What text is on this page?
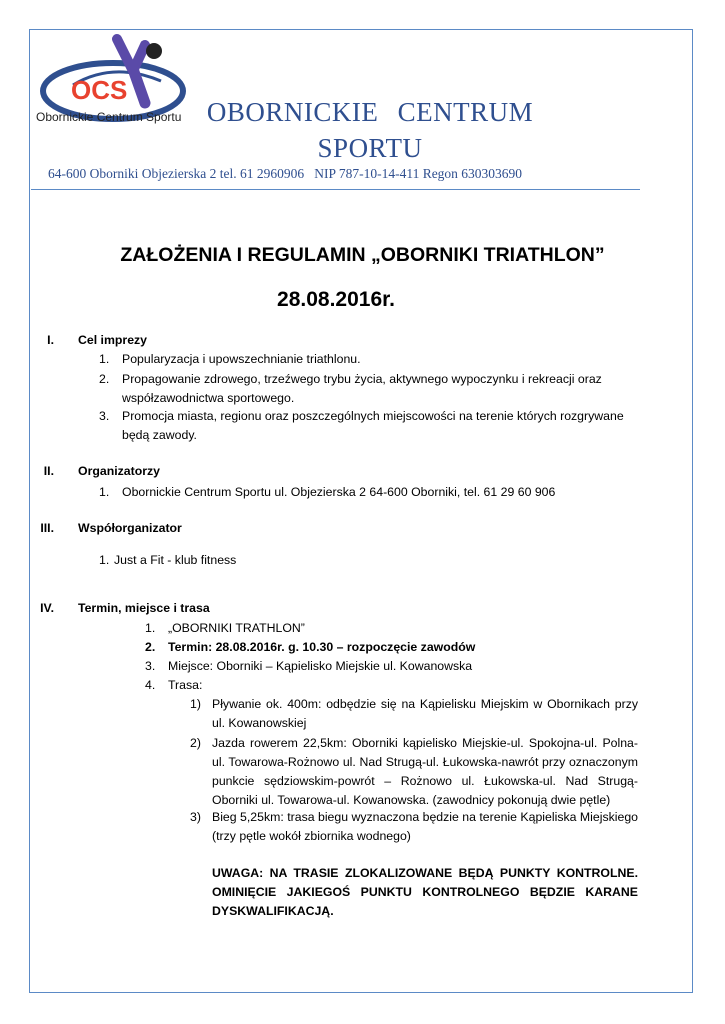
OCS
Obornickie Centrum Sportu OBORNICKIE CENTRUM
SPORTU
64-600 Oborniki Objezierska 2 tel. 61 2960906   NIP 787-10-14-411 Regon 630303690
ZAŁOŻENIA I REGULAMIN „OBORNIKI TRIATHLON”
28.08.2016r.
I. Cel imprezy
1. Popularyzacja i upowszechnianie triathlonu.
2. Propagowanie zdrowego, trzeźwego trybu życia, aktywnego wypoczynku i rekreacji oraz współzawodnictwa sportowego.
3. Promocja miasta, regionu oraz poszczególnych miejscowości na terenie których rozgrywane będą zawody.
II. Organizatorzy
1. Obornickie Centrum Sportu ul. Objezierska 2 64-600 Oborniki, tel. 61 29 60 906
III. Współorganizator
1. Just a Fit - klub fitness
IV. Termin, miejsce i trasa
1. „OBORNIKI TRATHLON”
2. Termin: 28.08.2016r. g. 10.30 – rozpoczęcie zawodów
3. Miejsce: Oborniki – Kąpielisko Miejskie ul. Kowanowska
4. Trasa:
1) Pływanie ok. 400m: odbędzie się na Kąpielisku Miejskim w Obornikach przy ul. Kowanowskiej
2) Jazda rowerem 22,5km: Oborniki kąpielisko Miejskie-ul. Spokojna-ul. Polna-ul. Towarowa-Rożnowo ul. Nad Strugą-ul. Łukowska-nawrót przy oznaczonym punkcie sędziowskim-powrót – Rożnowo ul. Łukowska-ul. Nad Strugą-Oborniki ul. Towarowa-ul. Kowanowska. (zawodnicy pokonują dwie pętle)
3) Bieg 5,25km: trasa biegu wyznaczona będzie na terenie Kąpieliska Miejskiego (trzy pętle wokół zbiornika wodnego)
UWAGA: NA TRASIE ZLOKALIZOWANE BĘDĄ PUNKTY KONTROLNE. OMINIĘCIE JAKIEGOŚ PUNKTU KONTROLNEGO BĘDZIE KARANE DYSKWALIFIKACJĄ.
